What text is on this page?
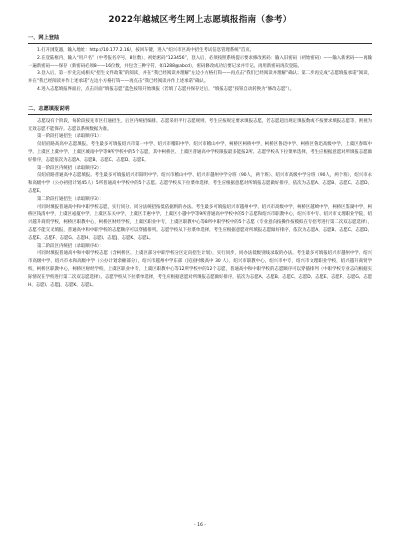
2022年越城区考生网上志愿填报指南（参考）
一、网上登陆

1.打开浏览器，输入地址：http://10.177.2.16/，按回车键，进入“绍兴市区高中招生考试信息管理系统”首页。

2.在登陆框内，输入“用户名”（中考报名序号，8位数），初始密码“123456”，登入后，必须按照系统提示要求修改密码：输入旧密码（初始密码）——输入新密码——再输一遍新密码——保存（新密码必须8——16位数，并包含三种字符，如1288@abcd），密码修改成功后要记录并牢记。再用新密码再次登陆。

3.登入后，第一步先完成相关“招生文件政策”的阅读，并在“我已经阅读并理解”左边小方格打钩——再点击“我们已经阅读并理解”确认；第二步再完成“志愿填报承诺”阅读，并在“我已经阅读并作上述承诺”左边小方格打钩——再点击“我已经阅读并作上述承诺”确认。

4.进入志愿填报界面后，点击页面“填报志愿”蓝色按钮开始填报（若填了志愿并保存过后，“填报志愿”按钮自动转换为“修改志愿”）。

二、志愿填报说明

志愿设有个阶段，每阶段按先市区打通招生，后区内统招编排。志愿采用平行志愿规则，考生应按规定要求填报志愿，若志愿超出规定填报数或不按要求填报志愿等，则视为无效志愿不能保存。志愿以系统数据为准。

第一阶段打通招生（录取顺序1）：

仅绍府路高高中志愿填报。考生最多可填报绍兴市第一中学、绍兴市稽阳中学、绍兴市稽山中学，柯桥区柯桥中学，柯桥区鲁迅中学、柯桥区鲁迅高级中学，上虞区春晖中学、上虞区上虞中学、上虞区城南中学等9所学校中的5个志愿，其中柯桥区、上虞区普通高中学校限报最多能报2所。志愿学校从下拉菜单选择，考生应根据意愿对所填报志愿做好排序，志愿依次为志愿A、志愿B、志愿C、志愿D、志愿E。

第一阶段区内统招（录取顺序2）：

仅绍府路普通高中志愿填报。考生最多可填报绍兴市阳明中学、绍兴市稽山中学、绍兴市越州中学分班（90人，两个班）、绍兴市高级中学分班（90人，两个班），绍兴市永和高级中学（公办初招计划45人）5所普通高中学校中的5个志愿。志愿学校从下拉菜单选择，考生应根据意愿对所填报志愿做好排序，依次为志愿A、志愿B、志愿C、志愿D、志愿E。

第二阶段打通招生（录取顺序3）：

可同时填报普通高中和中职学校志愿，实行同分、同分法统招按低依据则的办法。考生最多可填报绍兴市越州中学、绍兴市高级中学，柯桥区越崎中学，柯桥区鉴湖中学，柯桥区钱清中学，上虞区崧厦中学，上虞区东关中学，上虞区丰惠中学，上虞区小越中学等9所普通高中学校中的5个志愿和绍兴市职教中心，绍兴市中专、绍兴市文理职业学院，绍兴越升商贸学校，柯桥区职教中心，柯桥区财经学校，上虞区职业中专，上虞区职教中心等8所中职学校中的5个志愿（专业意向按操作按模拟在专招考进行第二次双志愿选择），志愿不能交叉填报，普通高中和中职学校的志愿顺序可以穿插排列。志愿学校从下拉菜单选择，考生应根据意愿对所填报志愿做好排序，依次为志愿A、志愿B、志愿C、志愿D、志愿E、志愿F、志愿G、志愿H、志愿I、志愿J、志愿K、志愿L。

第二阶段区内统招（录取顺序4）：

可同时填报普通高中和中职学校志愿（含柯桥区、上虞区部分中职学校分区定向招生计划），实行同步，同办法低级别线录取的办法。考生最多可填报绍兴市越州中学、绍兴市高级中学、绍兴市永和高级中学（公办计划余额部分），绍兴市越州中学东部（民国村级高中 30 人），绍兴市职教中心，绍兴市中专，绍兴市文理职业学校，绍兴越升商贸学校，柯桥区职教中心，柯桥区财经学校，上虞区职业中专，上虞区职教中心等12所学校中的12个志愿，普通高中和中职学校的志愿顺序可以穿插排列（中职学校专业志向根据实际情况在学校进行第二次双志愿选择）。志愿学校从下拉菜单选择，考生应根据意愿对所填报志愿做好排序，依次为志愿A、志愿B、志愿C、志愿D、志愿E、志愿F、志愿G、志愿H、志愿I、志愿J、志愿K、志愿L。

- 16 -
